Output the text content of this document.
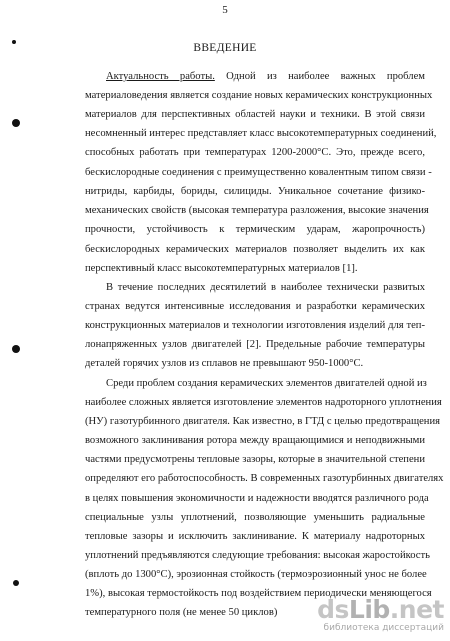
5
ВВЕДЕНИЕ
Актуальность работы. Одной из наиболее важных проблем
материаловедения является создание новых керамических конструкционных
материалов для перспективных областей науки и техники. В этой связи
несомненный интерес представляет класс высокотемпературных соединений,
способных работать при температурах 1200-2000°С. Это, прежде всего,
бескислородные соединения с преимущественно ковалентным типом связи -
нитриды, карбиды, бориды, силициды. Уникальное сочетание физико-
механических свойств (высокая температура разложения, высокие значения
прочности, устойчивость к термическим ударам, жаропрочность)
бескислородных керамических материалов позволяет выделить их как
перспективный класс высокотемпературных материалов [1].
В течение последних десятилетий в наиболее технически развитых
странах ведутся интенсивные исследования и разработки керамических
конструкционных материалов и технологии изготовления изделий для теп-
лонапряженных узлов двигателей [2]. Предельные рабочие температуры
деталей горячих узлов из сплавов не превышают 950-1000°С.
Среди проблем создания керамических элементов двигателей одной из
наиболее сложных является изготовление элементов надроторного уплотнения
(НУ) газотурбинного двигателя. Как известно, в ГТД с целью предотвращения
возможного заклинивания ротора между вращающимися и неподвижными
частями предусмотрены тепловые зазоры, которые в значительной степени
определяют его работоспособность. В современных газотурбинных двигателях
в целях повышения экономичности и надежности вводятся различного рода
специальные узлы уплотнений, позволяющие уменьшить радиальные
тепловые зазоры и исключить заклинивание. К материалу надроторных
уплотнений предъявляются следующие требования: высокая жаростойкость
(вплоть до 1300°С), эрозионная стойкость (термоэрозионный унос не более
1%), высокая термостойкость под воздействием периодически меняющегося
температурного поля (не менее 50 циклов)	dsLib.net
библиотека диссертаций
